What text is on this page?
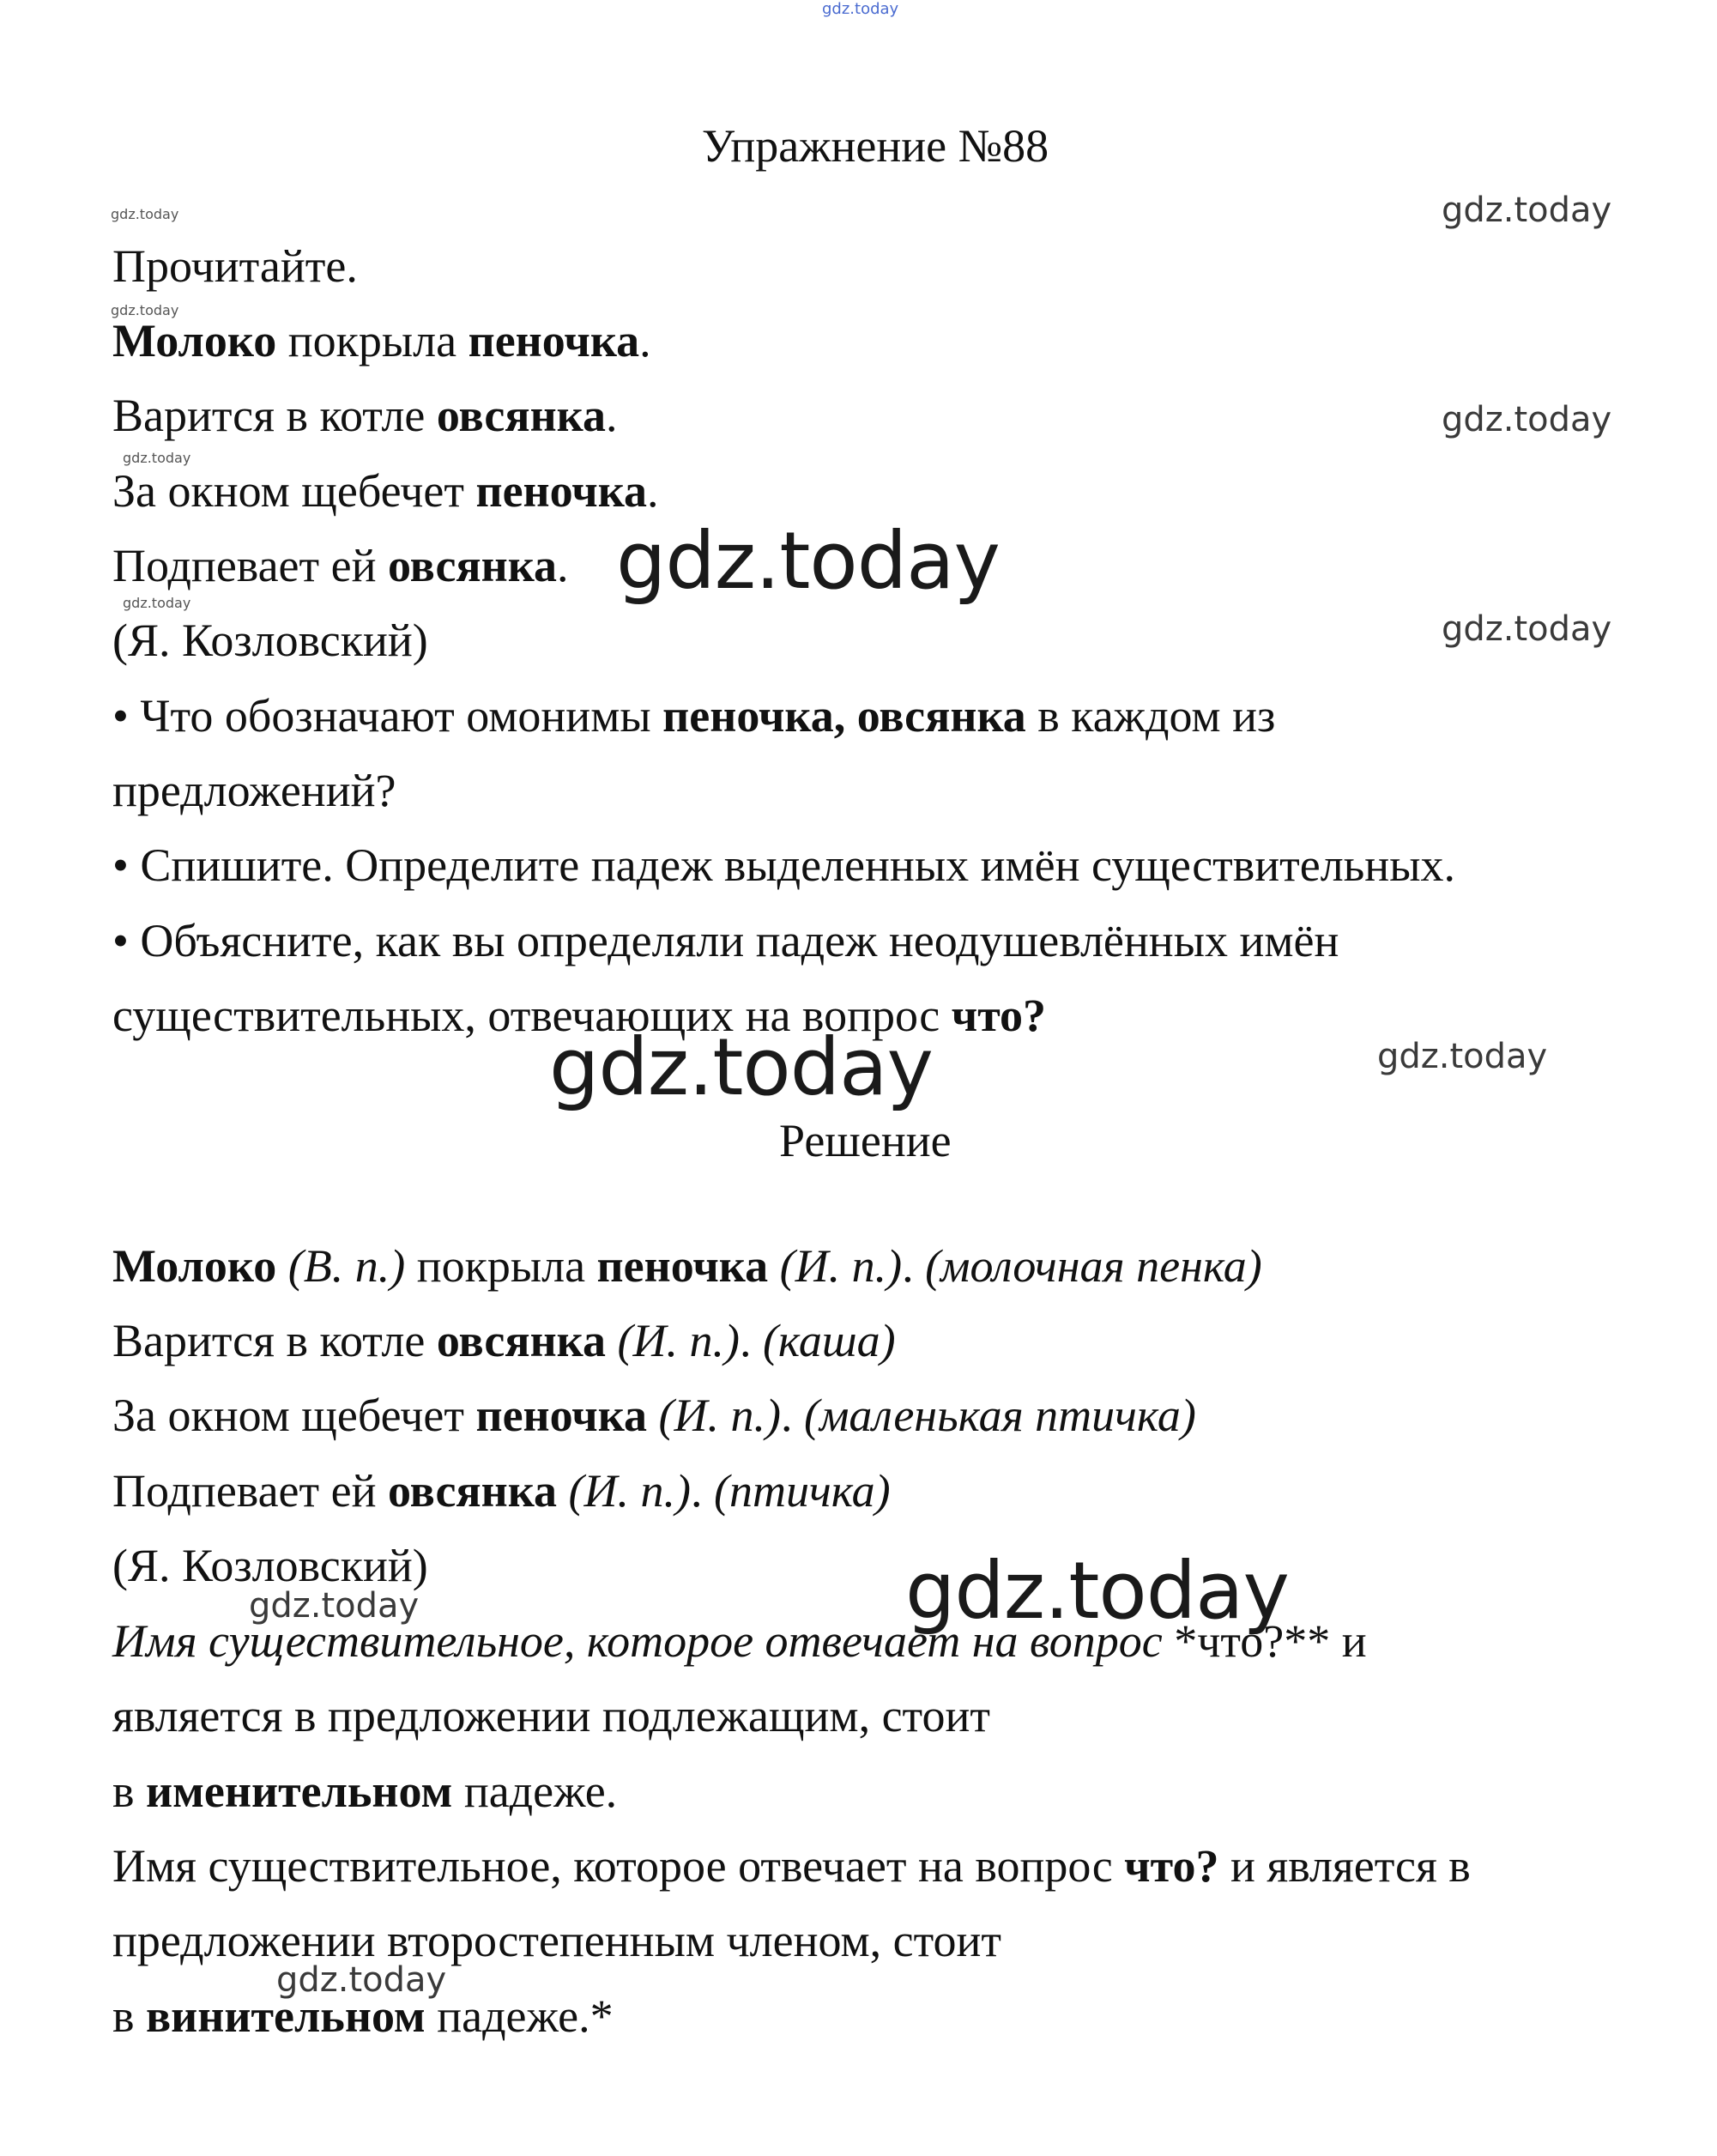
gdz.today
Упражнение №88
gdz.today	gdz.today
Прочитайте.
gdz.today
Молоко покрыла пеночка.
Варится в котле овсянка.	gdz.today
gdz.today
За окном щебечет пеночка.
Подпевает ей овсянка. gdz.today
gdz.today
(Я. Козловский)	gdz.today
• Что обозначают омонимы пеночка, овсянка в каждом из
предложений?
• Спишите. Определите падеж выделенных имён существительных.
• Объясните, как вы определяли падеж неодушевлённых имён
существительных, отвечающих на вопрос что?
gdz.today	gdz.today
Решение
Молоко (В. п.) покрыла пеночка (И. п.). (молочная пенка)
Варится в котле овсянка (И. п.). (каша)
За окном щебечет пеночка (И. п.). (маленькая птичка)
Подпевает ей овсянка (И. п.). (птичка)
(Я. Козловский)
gdz.today	gdz.today
Имя существительное, которое отвечает на вопрос *что?** и
является в предложении подлежащим, стоит
в именительном падеже.
Имя существительное, которое отвечает на вопрос что? и является в
предложении второстепенным членом, стоит
gdz.today
в винительном падеже.*
